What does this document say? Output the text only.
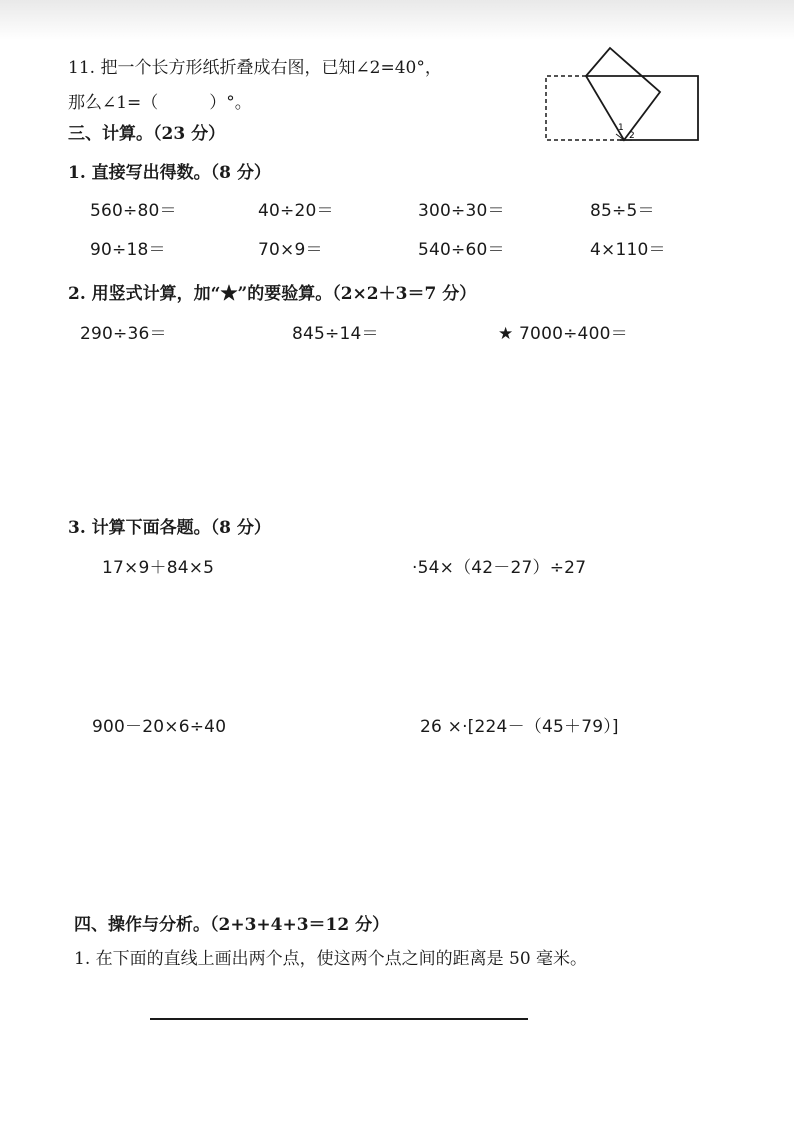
11. 把一个长方形纸折叠成右图，已知∠2=40°，
那么∠1=（　　　）°。
1
2
三、计算。（23 分）
1. 直接写出得数。（8 分）
560÷80＝	40÷20＝	300÷30＝	85÷5＝
90÷18＝	70×9＝	540÷60＝	4×110＝
2. 用竖式计算，加“★”的要验算。（2×2＋3＝7 分）
290÷36＝	845÷14＝	★ 7000÷400＝
3. 计算下面各题。（8 分）
17×9＋84×5	·54×（42－27）÷27
900－20×6÷40	26 ×·[224－（45＋79）]
四、操作与分析。（2+3+4+3＝12 分）
1. 在下面的直线上画出两个点，使这两个点之间的距离是 50 毫米。
